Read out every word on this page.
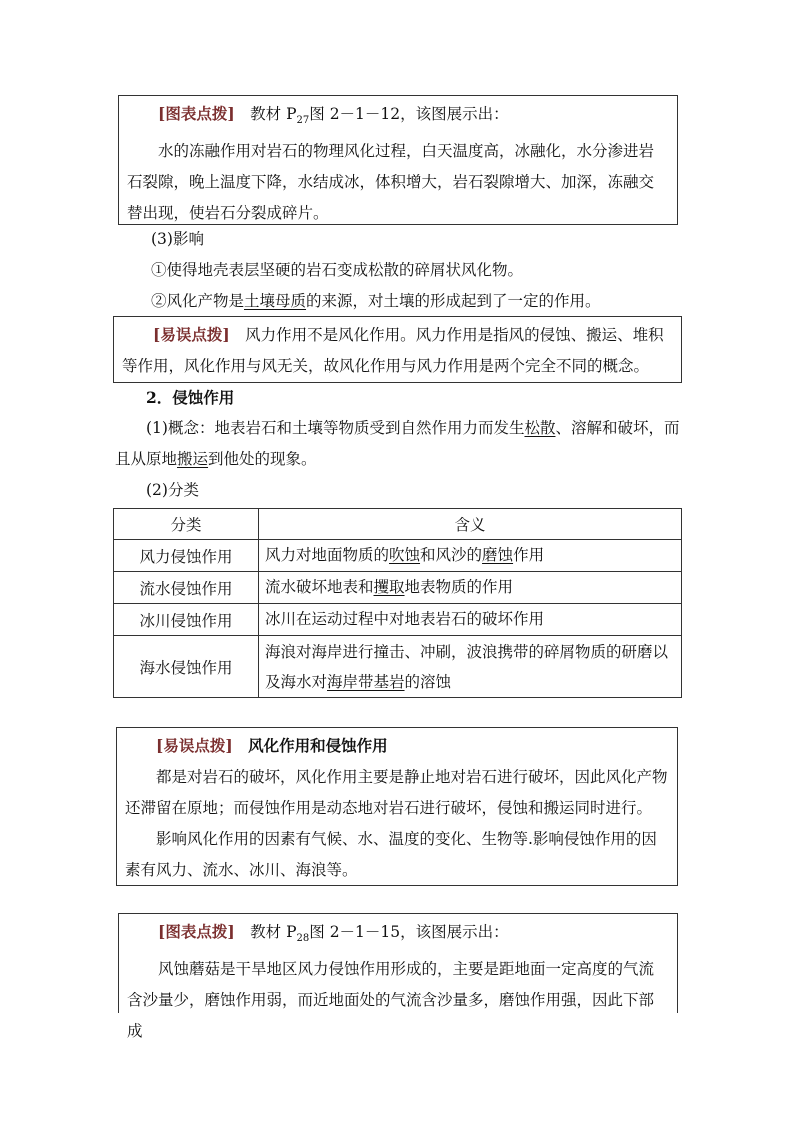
[图表点拨]　教材 $P_{27}$图 2－1－12，该图展示出：

水的冻融作用对岩石的物理风化过程，白天温度高，冰融化，水分渗进岩石裂隙，晚上温度下降，水结成冰，体积增大，岩石裂隙增大、加深，冻融交替出现，使岩石分裂成碎片。

(3)影响

①使得地壳表层坚硬的岩石变成松散的碎屑状风化物。

②风化产物是土壤母质的来源，对土壤的形成起到了一定的作用。

[易误点拨]　风力作用不是风化作用。风力作用是指风的侵蚀、搬运、堆积等作用，风化作用与风无关，故风化作用与风力作用是两个完全不同的概念。

2．侵蚀作用

(1)概念：地表岩石和土壤等物质受到自然作用力而发生松散、溶解和破坏，而且从原地搬运到他处的现象。

(2)分类

分类	含义
风力侵蚀作用	风力对地面物质的吹蚀和风沙的磨蚀作用
流水侵蚀作用	流水破坏地表和攫取地表物质的作用
冰川侵蚀作用	冰川在运动过程中对地表岩石的破坏作用
海水侵蚀作用	海浪对海岸进行撞击、冲刷，波浪携带的碎屑物质的研磨以及海水对海岸带基岩的溶蚀

[易误点拨]　风化作用和侵蚀作用

都是对岩石的破坏，风化作用主要是静止地对岩石进行破坏，因此风化产物还滞留在原地；而侵蚀作用是动态地对岩石进行破坏，侵蚀和搬运同时进行。

影响风化作用的因素有气候、水、温度的变化、生物等.影响侵蚀作用的因素有风力、流水、冰川、海浪等。

[图表点拨]　教材 $P_{28}$图 2－1－15，该图展示出：

风蚀蘑菇是干旱地区风力侵蚀作用形成的，主要是距地面一定高度的气流含沙量少，磨蚀作用弱，而近地面处的气流含沙量多，磨蚀作用强，因此下部成
